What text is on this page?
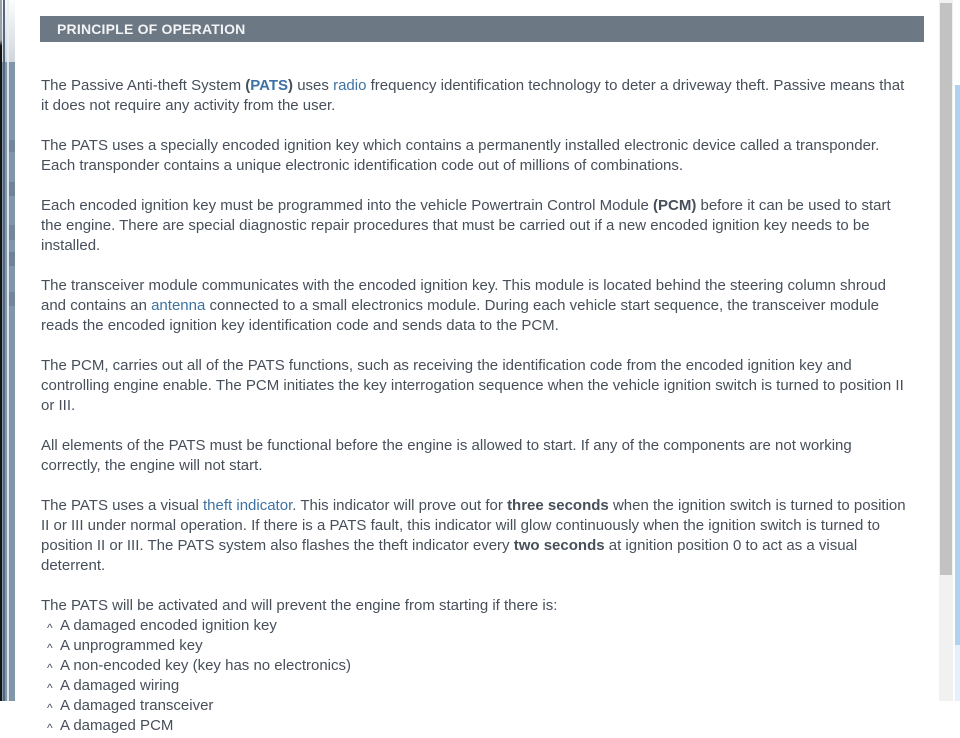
PRINCIPLE OF OPERATION

The Passive Anti-theft System (PATS) uses radio frequency identification technology to deter a driveway theft. Passive means that it does not require any activity from the user.

The PATS uses a specially encoded ignition key which contains a permanently installed electronic device called a transponder. Each transponder contains a unique electronic identification code out of millions of combinations.

Each encoded ignition key must be programmed into the vehicle Powertrain Control Module (PCM) before it can be used to start the engine. There are special diagnostic repair procedures that must be carried out if a new encoded ignition key needs to be installed.

The transceiver module communicates with the encoded ignition key. This module is located behind the steering column shroud and contains an antenna connected to a small electronics module. During each vehicle start sequence, the transceiver module reads the encoded ignition key identification code and sends data to the PCM.

The PCM, carries out all of the PATS functions, such as receiving the identification code from the encoded ignition key and controlling engine enable. The PCM initiates the key interrogation sequence when the vehicle ignition switch is turned to position II or III.

All elements of the PATS must be functional before the engine is allowed to start. If any of the components are not working correctly, the engine will not start.

The PATS uses a visual theft indicator. This indicator will prove out for three seconds when the ignition switch is turned to position II or III under normal operation. If there is a PATS fault, this indicator will glow continuously when the ignition switch is turned to position II or III. The PATS system also flashes the theft indicator every two seconds at ignition position 0 to act as a visual deterrent.

The PATS will be activated and will prevent the engine from starting if there is:

^ A damaged encoded ignition key
^ A unprogrammed key
^ A non-encoded key (key has no electronics)
^ A damaged wiring
^ A damaged transceiver
^ A damaged PCM
